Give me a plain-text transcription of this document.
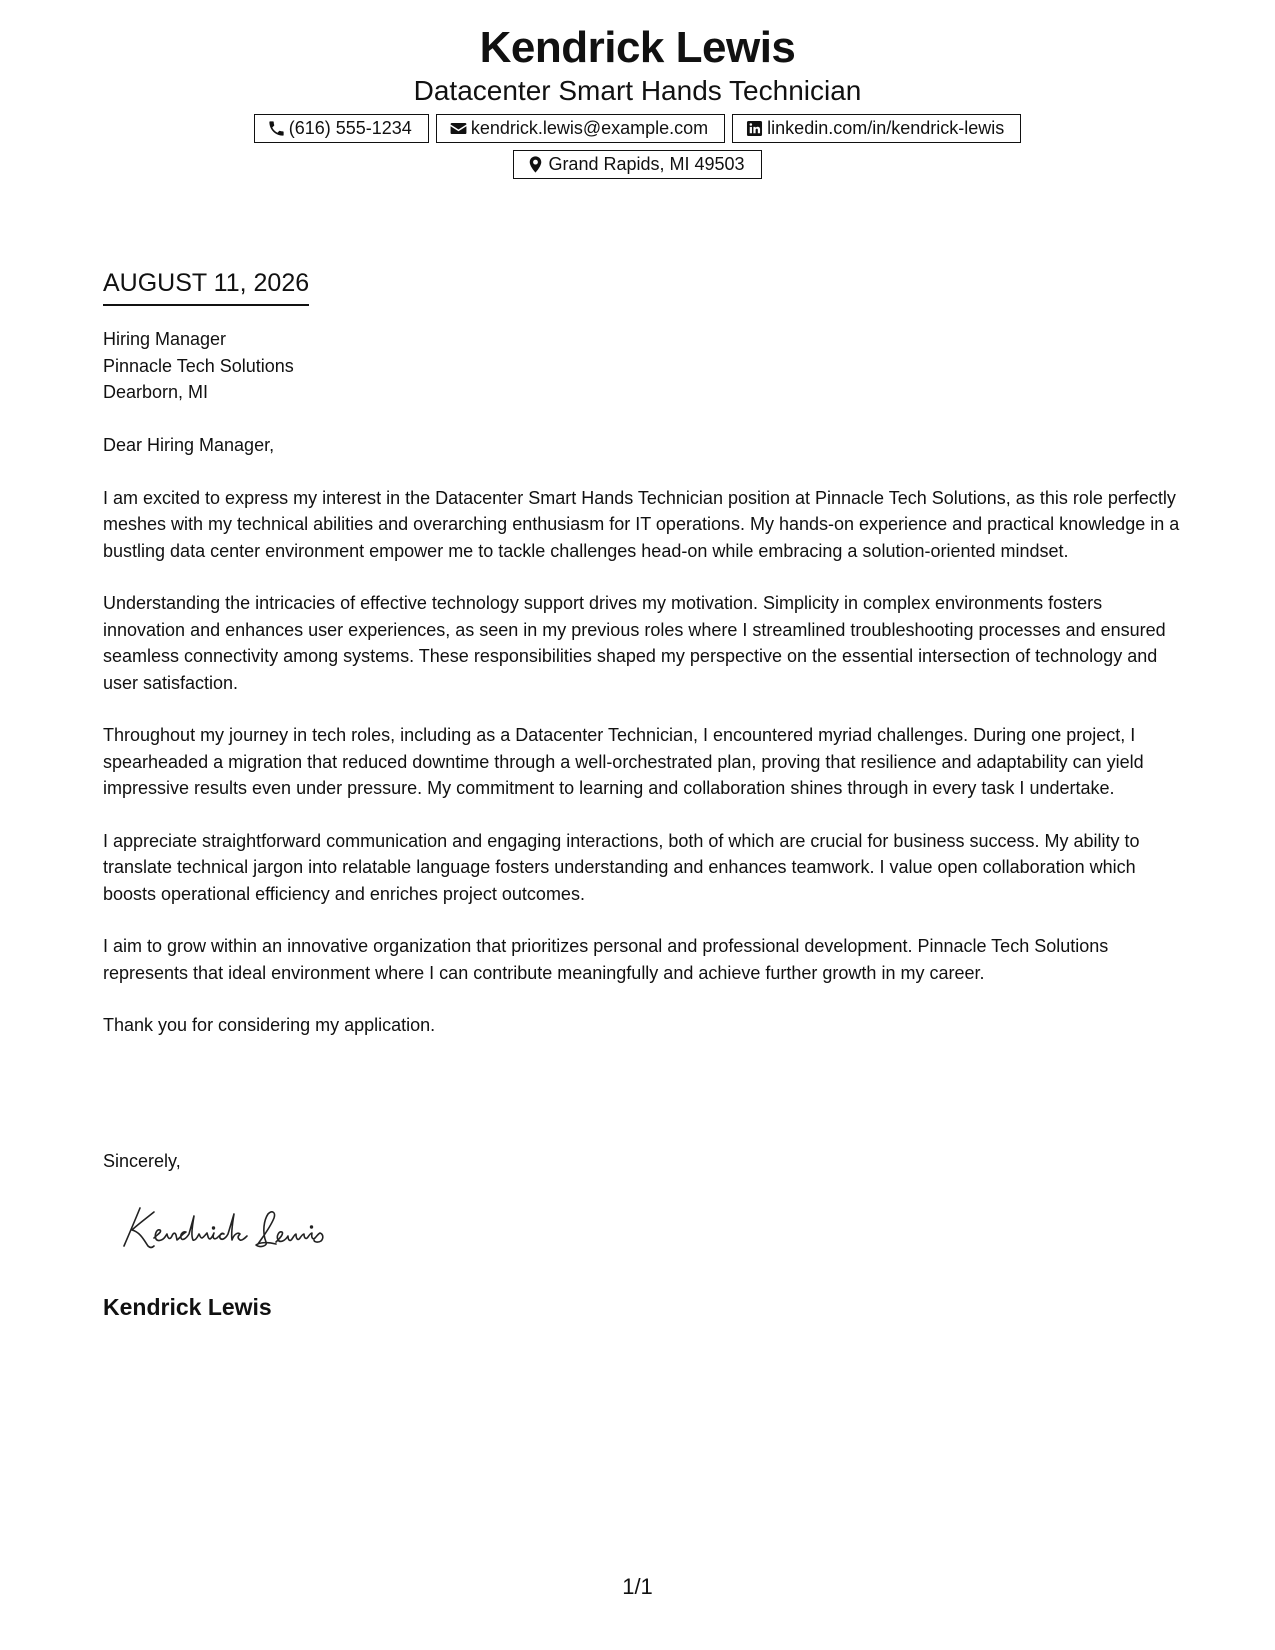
Kendrick Lewis
Datacenter Smart Hands Technician
(616) 555-1234	kendrick.lewis@example.com	linkedin.com/in/kendrick-lewis
Grand Rapids, MI 49503
AUGUST 11, 2026
Hiring Manager
Pinnacle Tech Solutions
Dearborn, MI

Dear Hiring Manager,

I am excited to express my interest in the Datacenter Smart Hands Technician position at Pinnacle Tech Solutions, as this role perfectly meshes with my technical abilities and overarching enthusiasm for IT operations. My hands-on experience and practical knowledge in a bustling data center environment empower me to tackle challenges head-on while embracing a solution-oriented mindset.

Understanding the intricacies of effective technology support drives my motivation. Simplicity in complex environments fosters innovation and enhances user experiences, as seen in my previous roles where I streamlined troubleshooting processes and ensured seamless connectivity among systems. These responsibilities shaped my perspective on the essential intersection of technology and user satisfaction.

Throughout my journey in tech roles, including as a Datacenter Technician, I encountered myriad challenges. During one project, I spearheaded a migration that reduced downtime through a well-orchestrated plan, proving that resilience and adaptability can yield impressive results even under pressure. My commitment to learning and collaboration shines through in every task I undertake.

I appreciate straightforward communication and engaging interactions, both of which are crucial for business success. My ability to translate technical jargon into relatable language fosters understanding and enhances teamwork. I value open collaboration which boosts operational efficiency and enriches project outcomes.

I aim to grow within an innovative organization that prioritizes personal and professional development. Pinnacle Tech Solutions represents that ideal environment where I can contribute meaningfully and achieve further growth in my career.

Thank you for considering my application.

Sincerely,
Kendrick Lewis
1/1
